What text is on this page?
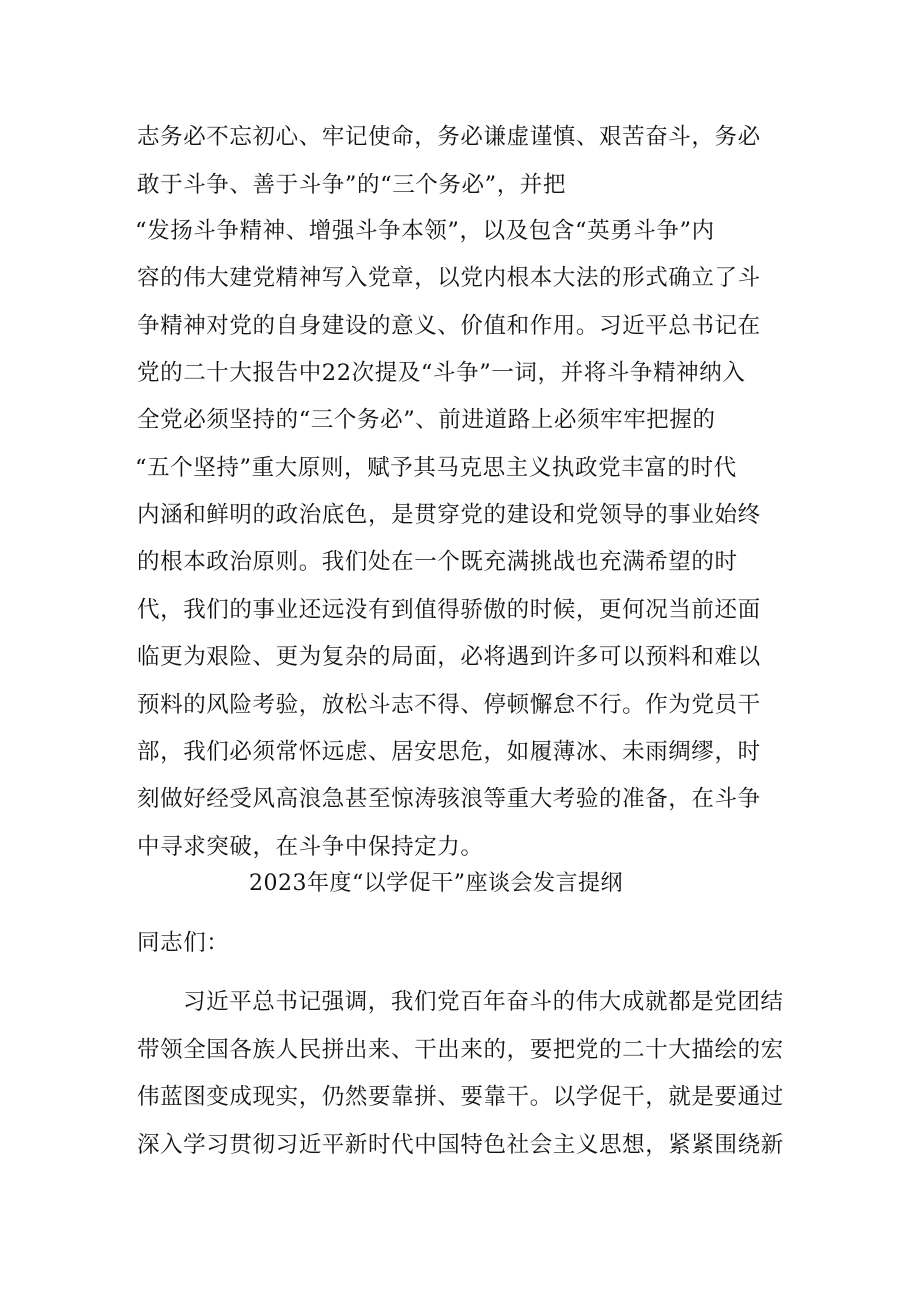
志务必不忘初心、牢记使命，务必谦虚谨慎、艰苦奋斗，务必
敢于斗争、善于斗争”的“三个务必”，并把
“发扬斗争精神、增强斗争本领”，以及包含“英勇斗争”内
容的伟大建党精神写入党章，以党内根本大法的形式确立了斗
争精神对党的自身建设的意义、价值和作用。习近平总书记在
党的二十大报告中22次提及“斗争”一词，并将斗争精神纳入
全党必须坚持的“三个务必”、前进道路上必须牢牢把握的
“五个坚持”重大原则，赋予其马克思主义执政党丰富的时代
内涵和鲜明的政治底色，是贯穿党的建设和党领导的事业始终
的根本政治原则。我们处在一个既充满挑战也充满希望的时
代，我们的事业还远没有到值得骄傲的时候，更何况当前还面
临更为艰险、更为复杂的局面，必将遇到许多可以预料和难以
预料的风险考验，放松斗志不得、停顿懈怠不行。作为党员干
部，我们必须常怀远虑、居安思危，如履薄冰、未雨绸缪，时
刻做好经受风高浪急甚至惊涛骇浪等重大考验的准备，在斗争
中寻求突破，在斗争中保持定力。
2023年度“以学促干”座谈会发言提纲
同志们：
习近平总书记强调，我们党百年奋斗的伟大成就都是党团结
带领全国各族人民拼出来、干出来的，要把党的二十大描绘的宏
伟蓝图变成现实，仍然要靠拼、要靠干。以学促干，就是要通过
深入学习贯彻习近平新时代中国特色社会主义思想，紧紧围绕新
